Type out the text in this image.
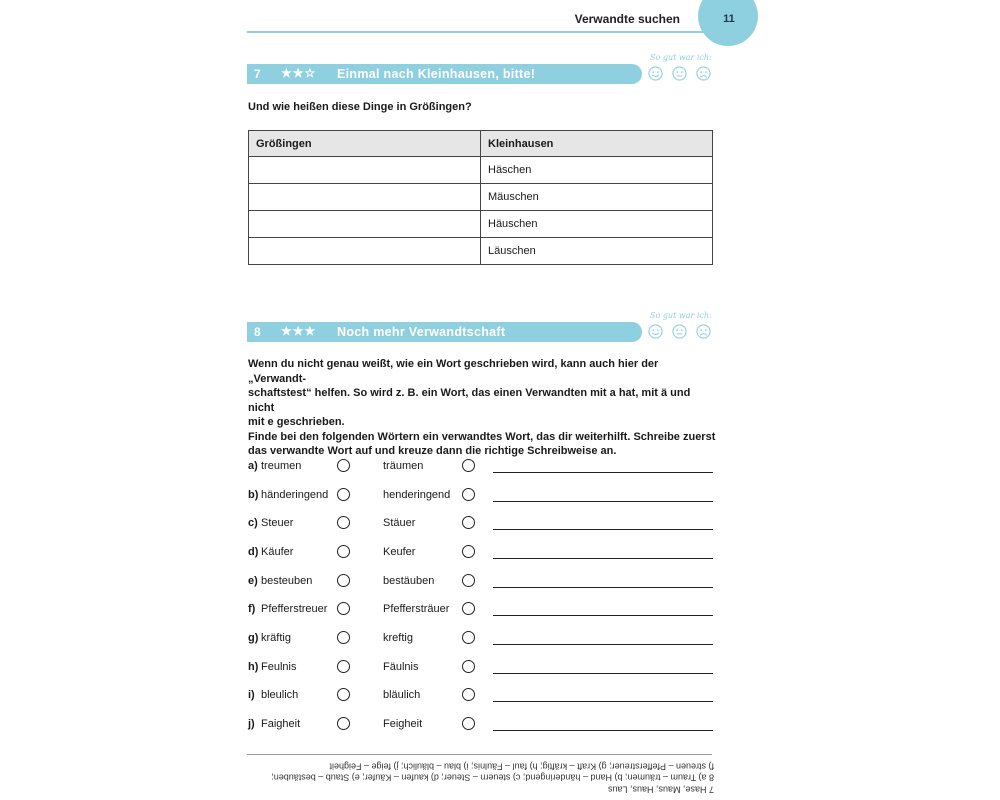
11
Verwandte suchen
7 ★★☆ Einmal nach Kleinhausen, bitte!
So gut war ich:
Und wie heißen diese Dinge in Größingen?
Größingen	Kleinhausen
	Häschen
	Mäuschen
	Häuschen
	Läuschen
8 ★★★ Noch mehr Verwandtschaft
So gut war ich:
Wenn du nicht genau weißt, wie ein Wort geschrieben wird, kann auch hier der „Verwandt-
schaftstest“ helfen. So wird z. B. ein Wort, das einen Verwandten mit a hat, mit ä und nicht
mit e geschrieben.
Finde bei den folgenden Wörtern ein verwandtes Wort, das dir weiterhilft. Schreibe zuerst
das verwandte Wort auf und kreuze dann die richtige Schreibweise an.
a) treumen	träumen
b) händeringend	henderingend
c) Steuer	Stäuer
d) Käufer	Keufer
e) besteuben	bestäuben
f) Pfefferstreuer	Pfeffersträuer
g) kräftig	kreftig
h) Feulnis	Fäulnis
i) bleulich	bläulich
j) Faigheit	Feigheit
7 Hase, Maus, Haus, Laus
8 a) Traum – träumen; b) Hand – händeringend; c) steuern – Steuer; d) kaufen – Käufer; e) Staub – bestäuben;
f) streuen – Pfefferstreuer; g) Kraft – kräftig; h) faul – Fäulnis; i) blau – bläulich; j) feige – Feigheit
